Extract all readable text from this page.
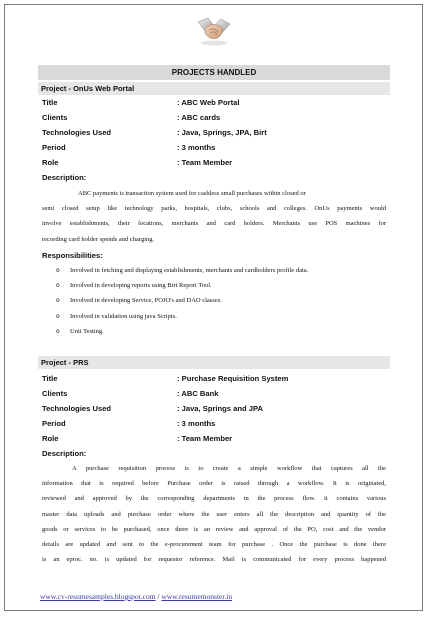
PROJECTS HANDLED
Project - OnUs Web Portal
Title	: ABC Web Portal
Clients	: ABC cards
Technologies Used	: Java, Springs, JPA, Birt
Period	: 3 months
Role	: Team Member
Description:
ABC payments is transaction system used for cashless small purchases within closed or
semi closed setup like technology parks, hospitals, clubs, schools and colleges. OnUs payments would
involve establishments, their locations, merchants and card holders. Merchants use POS machines for
recording card holder spends and charging.
Responsibilities:
o Involved in fetching and displaying establishments, merchants and cardholders profile data.
o Involved in developing reports using Birt Report Tool.
o Involved in developing Service, POJO's and DAO classes.
o Involved in validation using java Scripts.
o Unit Testing.
Project - PRS
Title	: Purchase Requisition System
Clients	: ABC Bank
Technologies Used	: Java, Springs and JPA
Period	: 3 months
Role	: Team Member
Description:
A purchase requisition process is to create a simple workflow that captures all the
information that is required before Purchase order is raised through a workflow. It is originated,
reviewed and approved by the corresponding departments in the process flow. it contains various
master data uploads and purchase order where the user enters all the description and quantity of the
goods or services to be purchased, once there is an review and approval of the PO, cost and the vendor
details are updated and sent to the e-procurement team for purchase . Once the purchase is done there
is an eproc. no. is updated for requestor reference. Mail is communicated for every process happened
www.cv-resumesamples.blogspot.com / www.resumemonster.in
